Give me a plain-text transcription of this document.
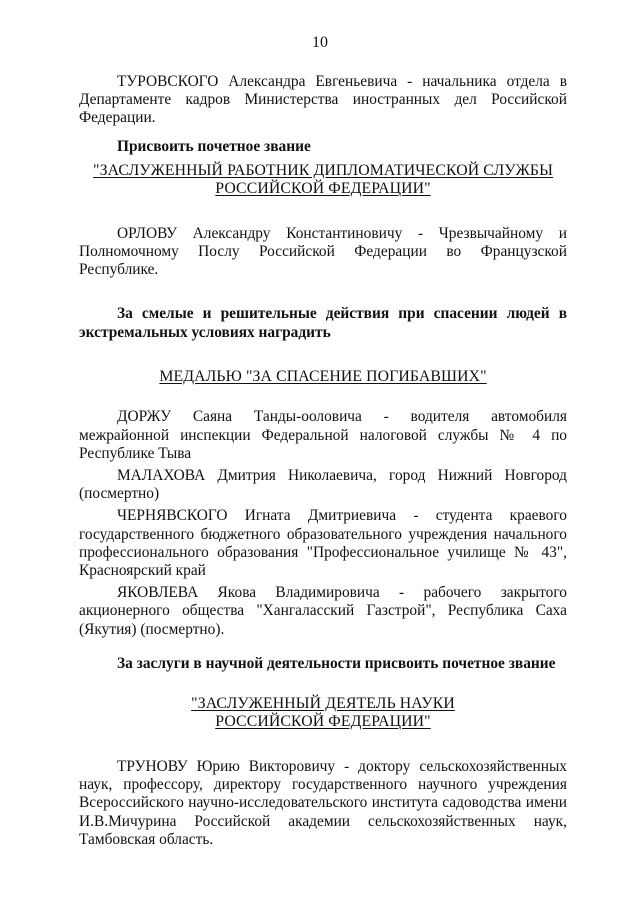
10

ТУРОВСКОГО Александра Евгеньевича - начальника отдела в Департаменте кадров Министерства иностранных дел Российской Федерации.

Присвоить почетное звание

"ЗАСЛУЖЕННЫЙ РАБОТНИК ДИПЛОМАТИЧЕСКОЙ СЛУЖБЫ
РОССИЙСКОЙ ФЕДЕРАЦИИ"

ОРЛОВУ Александру Константиновичу - Чрезвычайному и Полномочному Послу Российской Федерации во Французской Республике.

За смелые и решительные действия при спасении людей в экстремальных условиях наградить

МЕДАЛЬЮ "ЗА СПАСЕНИЕ ПОГИБАВШИХ"

ДОРЖУ Саяна Танды-ооловича - водителя автомобиля межрайонной инспекции Федеральной налоговой службы № 4 по Республике Тыва

МАЛАХОВА Дмитрия Николаевича, город Нижний Новгород (посмертно)

ЧЕРНЯВСКОГО Игната Дмитриевича - студента краевого государственного бюджетного образовательного учреждения начального профессионального образования "Профессиональное училище № 43", Красноярский край

ЯКОВЛЕВА Якова Владимировича - рабочего закрытого акционерного общества "Хангаласский Газстрой", Республика Саха (Якутия) (посмертно).

За заслуги в научной деятельности присвоить почетное звание

"ЗАСЛУЖЕННЫЙ ДЕЯТЕЛЬ НАУКИ
РОССИЙСКОЙ ФЕДЕРАЦИИ"

ТРУНОВУ Юрию Викторовичу - доктору сельскохозяйственных наук, профессору, директору государственного научного учреждения Всероссийского научно-исследовательского института садоводства имени И.В.Мичурина Российской академии сельскохозяйственных наук, Тамбовская область.
